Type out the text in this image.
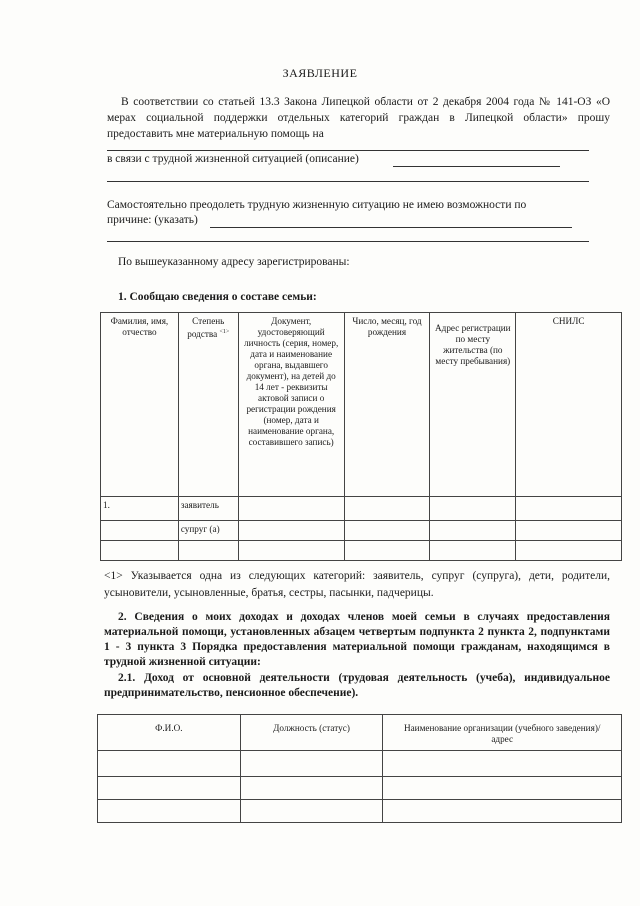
ЗАЯВЛЕНИЕ
В соответствии со статьей 13.3 Закона Липецкой области от 2 декабря 2004 года № 141-ОЗ «О мерах социальной поддержки отдельных категорий граждан в Липецкой области» прошу предоставить мне материальную помощь на
в связи с трудной жизненной ситуацией (описание)
Самостоятельно преодолеть трудную жизненную ситуацию не имею возможности по
причине: (указать)
По вышеуказанному адресу зарегистрированы:
1. Сообщаю сведения о составе семьи:
Фамилия, имя, отчество	Степень родства $^{<1>}$	Документ, удостоверяющий личность (серия, номер, дата и наименование органа, выдавшего документ), на детей до 14 лет - реквизиты актовой записи о регистрации рождения (номер, дата и наименование органа, составившего запись)	Число, месяц, год рождения	Адрес регистрации по месту жительства (по месту пребывания)	СНИЛС
1.	заявитель				
	супруг (а)				

<1> Указывается одна из следующих категорий: заявитель, супруг (супруга), дети, родители, усыновители, усыновленные, братья, сестры, пасынки, падчерицы.
2. Сведения о моих доходах и доходах членов моей семьи в случаях предоставления материальной помощи, установленных абзацем четвертым подпункта 2 пункта 2, подпунктами 1 - 3 пункта 3 Порядка предоставления материальной помощи гражданам, находящимся в трудной жизненной ситуации:
2.1. Доход от основной деятельности (трудовая деятельность (учеба), индивидуальное предпринимательство, пенсионное обеспечение).
Ф.И.О.	Должность (статус)	Наименование организации (учебного заведения)/адрес
